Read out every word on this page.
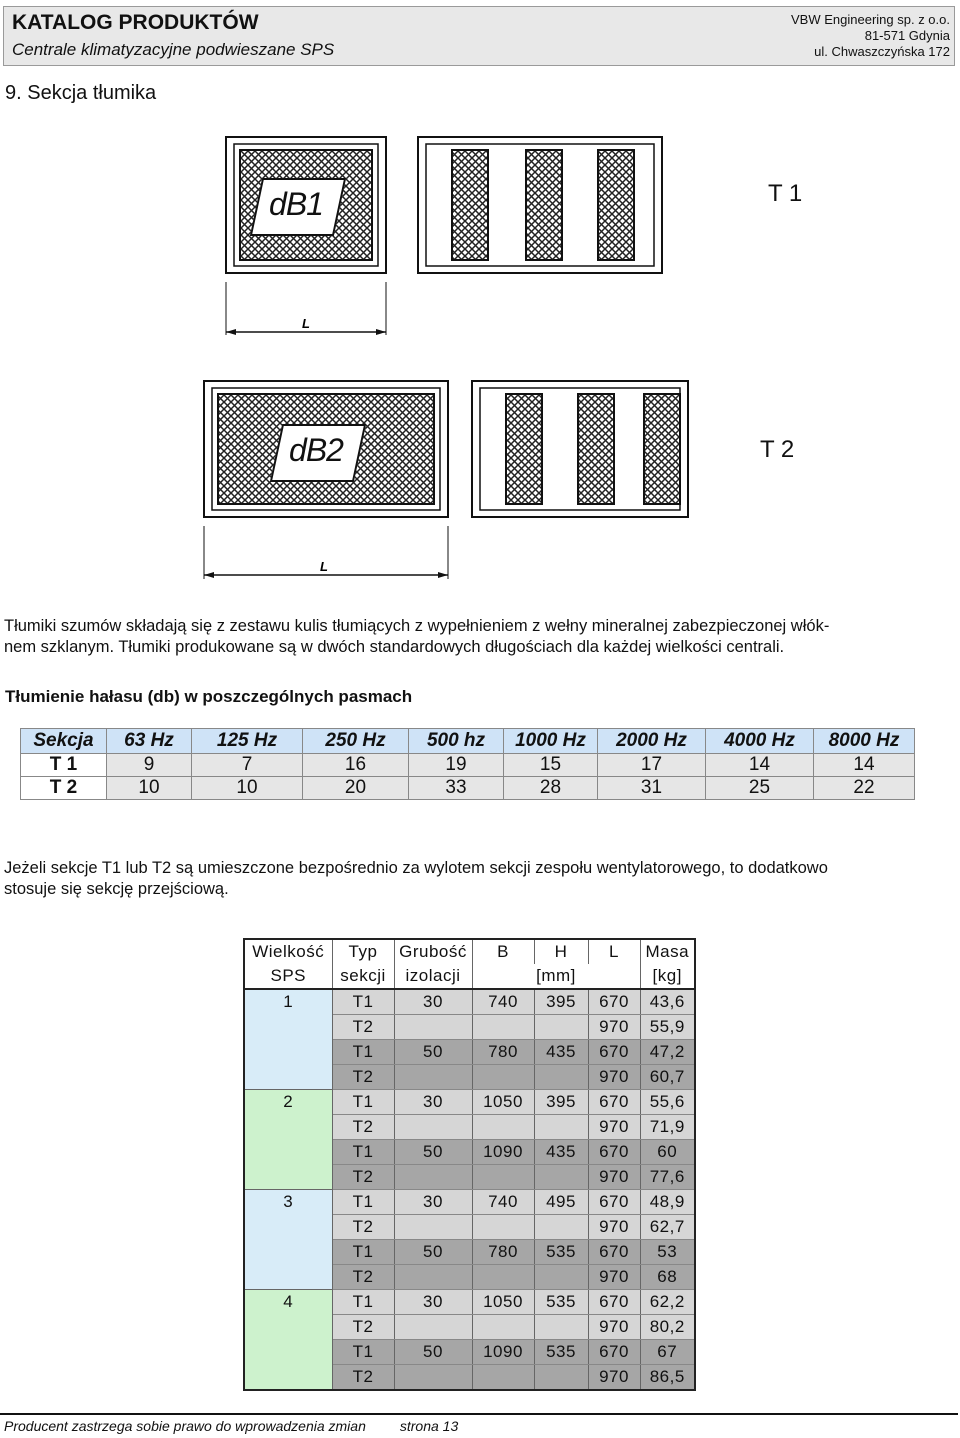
KATALOG PRODUKTÓW
Centrale klimatyzacyjne podwieszane SPS
VBW Engineering sp. z o.o.
81-571 Gdynia
ul. Chwaszczyńska 172
9. Sekcja tłumika
L
dB1	T 1
L
dB2	T 2
Tłumiki szumów składają się z zestawu kulis tłumiących z wypełnieniem z wełny mineralnej zabezpieczonej włók-
nem szklanym. Tłumiki produkowane są w dwóch standardowych długościach dla każdej wielkości centrali.
Tłumienie hałasu (db) w poszczególnych pasmach
Sekcja	63 Hz	125 Hz	250 Hz	500 hz	1000 Hz	2000 Hz	4000 Hz	8000 Hz
T 1	9	7	16	19	15	17	14	14
T 2	10	10	20	33	28	31	25	22
Jeżeli sekcje T1 lub T2 są umieszczone bezpośrednio za wylotem sekcji zespołu wentylatorowego, to dodatkowo
stosuje się sekcję przejściową.
Wielkość	Typ	Grubość	B	H	L	Masa
SPS	sekcji	izolacji	[mm]			[kg]
1	T1	30	740	395	670	43,6
	T2				970	55,9
	T1	50	780	435	670	47,2
	T2				970	60,7
2	T1	30	1050	395	670	55,6
	T2				970	71,9
	T1	50	1090	435	670	60
	T2				970	77,6
3	T1	30	740	495	670	48,9
	T2				970	62,7
	T1	50	780	535	670	53
	T2				970	68
4	T1	30	1050	535	670	62,2
	T2				970	80,2
	T1	50	1090	535	670	67
	T2				970	86,5
Producent zastrzega sobie prawo do wprowadzenia zmian strona 13
